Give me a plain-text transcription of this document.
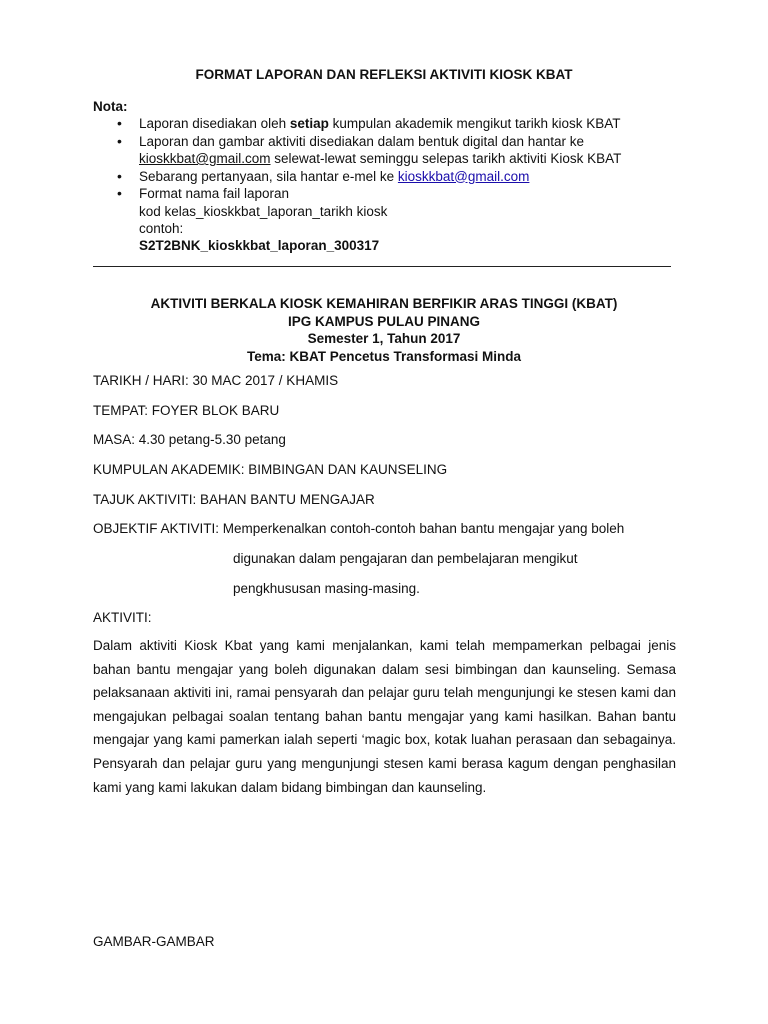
FORMAT LAPORAN DAN REFLEKSI AKTIVITI KIOSK KBAT
Nota:
• Laporan disediakan oleh setiap kumpulan akademik mengikut tarikh kiosk KBAT
• Laporan dan gambar aktiviti disediakan dalam bentuk digital dan hantar ke
kioskkbat@gmail.com selewat-lewat seminggu selepas tarikh aktiviti Kiosk KBAT
• Sebarang pertanyaan, sila hantar e-mel ke kioskkbat@gmail.com
• Format nama fail laporan
kod kelas_kioskkbat_laporan_tarikh kiosk
contoh:
S2T2BNK_kioskkbat_laporan_300317
AKTIVITI BERKALA KIOSK KEMAHIRAN BERFIKIR ARAS TINGGI (KBAT)
IPG KAMPUS PULAU PINANG
Semester 1, Tahun 2017
Tema: KBAT Pencetus Transformasi Minda
TARIKH / HARI: 30 MAC 2017 / KHAMIS
TEMPAT: FOYER BLOK BARU
MASA: 4.30 petang-5.30 petang
KUMPULAN AKADEMIK: BIMBINGAN DAN KAUNSELING
TAJUK AKTIVITI: BAHAN BANTU MENGAJAR
OBJEKTIF AKTIVITI: Memperkenalkan contoh-contoh bahan bantu mengajar yang boleh
digunakan dalam pengajaran dan pembelajaran mengikut
pengkhususan masing-masing.
AKTIVITI:

Dalam aktiviti Kiosk Kbat yang kami menjalankan, kami telah mempamerkan pelbagai jenis bahan bantu mengajar yang boleh digunakan dalam sesi bimbingan dan kaunseling. Semasa pelaksanaan aktiviti ini, ramai pensyarah dan pelajar guru telah mengunjungi ke stesen kami dan mengajukan pelbagai soalan tentang bahan bantu mengajar yang kami hasilkan. Bahan bantu mengajar yang kami pamerkan ialah seperti ‘magic box, kotak luahan perasaan dan sebagainya. Pensyarah dan pelajar guru yang mengunjungi stesen kami berasa kagum dengan penghasilan kami yang kami lakukan dalam bidang bimbingan dan kaunseling.

GAMBAR-GAMBAR
